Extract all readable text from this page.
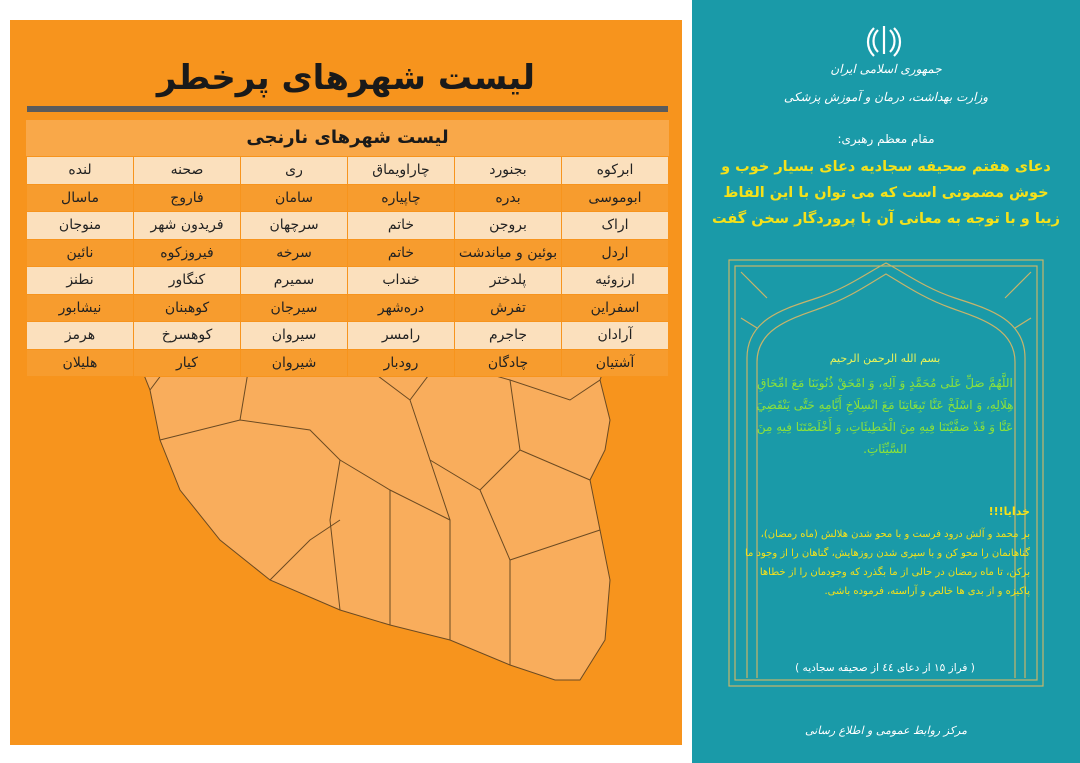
لیست شهرهای پرخطر
لیست شهرهای نارنجی
ابرکوه	بجنورد	چاراویماق	ری	صحنه	لنده
ابوموسی	بدره	چاپیاره	سامان	فاروج	ماسال
اراک	بروجن	خاتم	سرچهان	فریدون شهر	منوجان
اردل	بوئین و میاندشت	خاتم	سرخه	فیروزکوه	نائین
ارزوئیه	پلدختر	خنداب	سمیرم	کنگاور	نطنز
اسفراین	تفرش	دره‌شهر	سیرجان	کوهبنان	نیشابور
آرادان	جاجرم	رامسر	سیروان	کوهسرخ	هرمز
آشتیان	چادگان	رودبار	شیروان	کیار	هلیلان
جمهوری اسلامی ایران
وزارت بهداشت، درمان و آموزش پزشکی
مقام معظم رهبری:
دعای هفتم صحیفه سجادیه دعای بسیار خوب و خوش مضمونی است که می توان با این الفاظ زیبا و با توجه به معانی آن با پروردگار سخن گفت
بسم الله الرحمن الرحیم
اللَّهُمَّ صَلِّ عَلَى مُحَمَّدٍ وَ آلِهِ، وَ امْحَقْ ذُنُوبَنَا مَعَ امِّحَاقِ هِلَالِهِ، وَ اسْلَخْ عَنَّا تَبِعَاتِنَا مَعَ انْسِلَاخِ أَيَّامِهِ حَتَّى يَنْقَضِيَ عَنَّا وَ قَدْ صَفَّيْتَنَا فِيهِ مِنَ الْخَطِيئَاتِ، وَ أَخْلَصْتَنَا فِيهِ مِنَ السَّيِّئَاتِ.
خدایا!!!
بر محمد و آلش درود فرست و با محو شدن هلالش (ماه رمضان)، گناهانمان را محو کن و با سپری شدن روزهایش، گناهان را از وجود ما برکن، تا ماه رمضان در حالی از ما بگذرد که وجودمان را از خطاها پاکیزه و از بدی ها خالص و آراسته، فرموده باشی.
( فراز ۱۵ از دعای ٤٤ از صحیفه سجادیه )
مرکز روابط عمومی و اطلاع رسانی
